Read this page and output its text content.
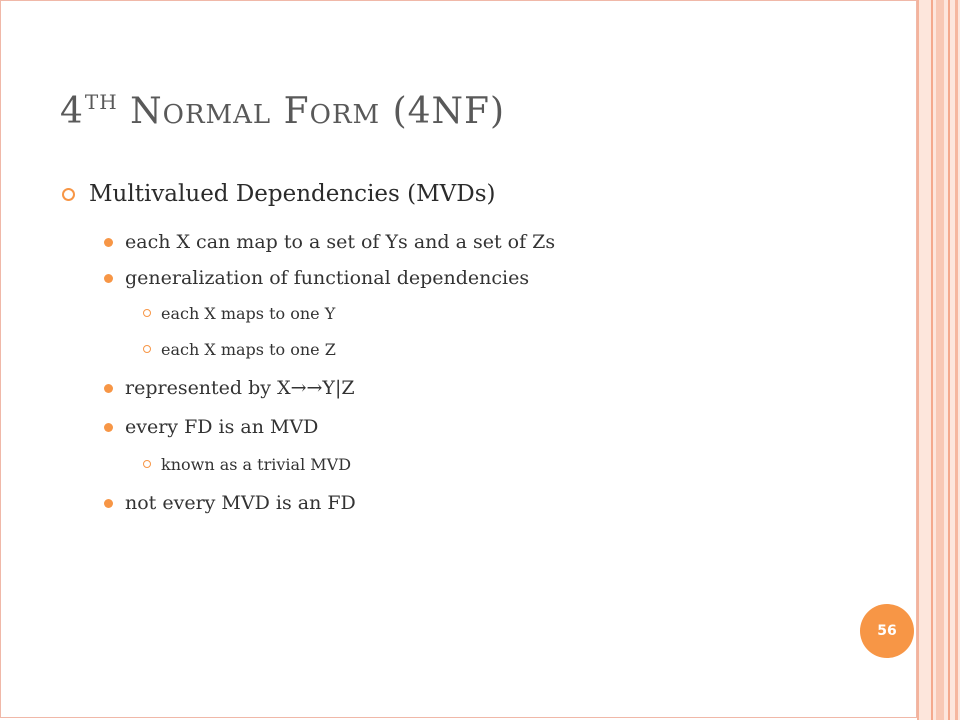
4TH NORMAL FORM (4NF)
Multivalued Dependencies (MVDs)
each X can map to a set of Ys and a set of Zs
generalization of functional dependencies
each X maps to one Y
each X maps to one Z
represented by X→→Y|Z
every FD is an MVD
known as a trivial MVD
not every MVD is an FD
56
